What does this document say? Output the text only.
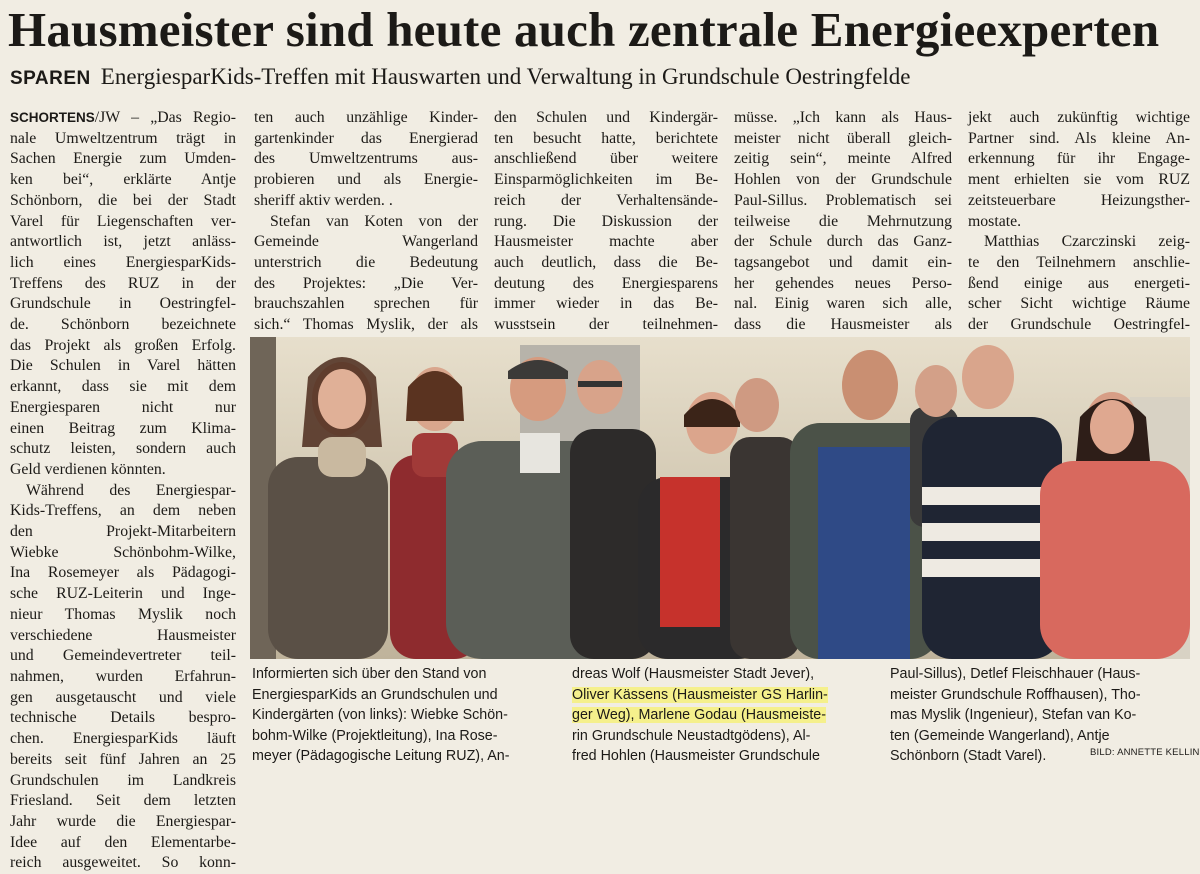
Hausmeister sind heute auch zentrale Energieexperten
SPAREN EnergiesparKids-Treffen mit Hauswarten und Verwaltung in Grundschule Oestringfelde
SCHORTENS/JW – „Das Regio-
nale Umweltzentrum trägt in
Sachen Energie zum Umden-
ken bei“, erklärte Antje
Schönborn, die bei der Stadt
Varel für Liegenschaften ver-
antwortlich ist, jetzt anläss-
lich eines EnergiesparKids-
Treffens des RUZ in der
Grundschule in Oestringfel-
de. Schönborn bezeichnete
das Projekt als großen Erfolg.
Die Schulen in Varel hätten
erkannt, dass sie mit dem
Energiesparen nicht nur
einen Beitrag zum Klima-
schutz leisten, sondern auch
Geld verdienen könnten.
Während des Energiespar-
Kids-Treffens, an dem neben
den Projekt-Mitarbeitern
Wiebke Schönbohm-Wilke,
Ina Rosemeyer als Pädagogi-
sche RUZ-Leiterin und Inge-
nieur Thomas Myslik noch
verschiedene Hausmeister
und Gemeindevertreter teil-
nahmen, wurden Erfahrun-
gen ausgetauscht und viele
technische Details bespro-
chen. EnergiesparKids läuft
bereits seit fünf Jahren an 25
Grundschulen im Landkreis
Friesland. Seit dem letzten
Jahr wurde die Energiespar-
Idee auf den Elementarbe-
reich ausgeweitet. So konn-
ten auch unzählige Kinder-
gartenkinder das Energierad
des Umweltzentrums aus-
probieren und als Energie-
sheriff aktiv werden. .
Stefan van Koten von der
Gemeinde Wangerland
unterstrich die Bedeutung
des Projektes: „Die Ver-
brauchszahlen sprechen für
sich.“ Thomas Myslik, der als
den Schulen und Kindergär-
ten besucht hatte, berichtete
anschließend über weitere
Einsparmöglichkeiten im Be-
reich der Verhaltensände-
rung. Die Diskussion der
Hausmeister machte aber
auch deutlich, dass die Be-
deutung des Energiesparens
immer wieder in das Be-
wusstsein der teilnehmen-
müsse. „Ich kann als Haus-
meister nicht überall gleich-
zeitig sein“, meinte Alfred
Hohlen von der Grundschule
Paul-Sillus. Problematisch sei
teilweise die Mehrnutzung
der Schule durch das Ganz-
tagsangebot und damit ein-
her gehendes neues Perso-
nal. Einig waren sich alle,
dass die Hausmeister als
jekt auch zukünftig wichtige
Partner sind. Als kleine An-
erkennung für ihr Engage-
ment erhielten sie vom RUZ
zeitsteuerbare Heizungsther-
mostate.
Matthias Czarczinski zeig-
te den Teilnehmern anschlie-
ßend einige aus energeti-
scher Sicht wichtige Räume
der Grundschule Oestringfel-
Informierten sich über den Stand von
EnergiesparKids an Grundschulen und
Kindergärten (von links): Wiebke Schön-
bohm-Wilke (Projektleitung), Ina Rose-
meyer (Pädagogische Leitung RUZ), An-
dreas Wolf (Hausmeister Stadt Jever),
Oliver Kässens (Hausmeister GS Harlin-
ger Weg), Marlene Godau (Hausmeiste-
rin Grundschule Neustadtgödens), Al-
fred Hohlen (Hausmeister Grundschule
Paul-Sillus), Detlef Fleischhauer (Haus-
meister Grundschule Roffhausen), Tho-
mas Myslik (Ingenieur), Stefan van Ko-
ten (Gemeinde Wangerland), Antje
Schönborn (Stadt Varel).	BILD: ANNETTE KELLIN
